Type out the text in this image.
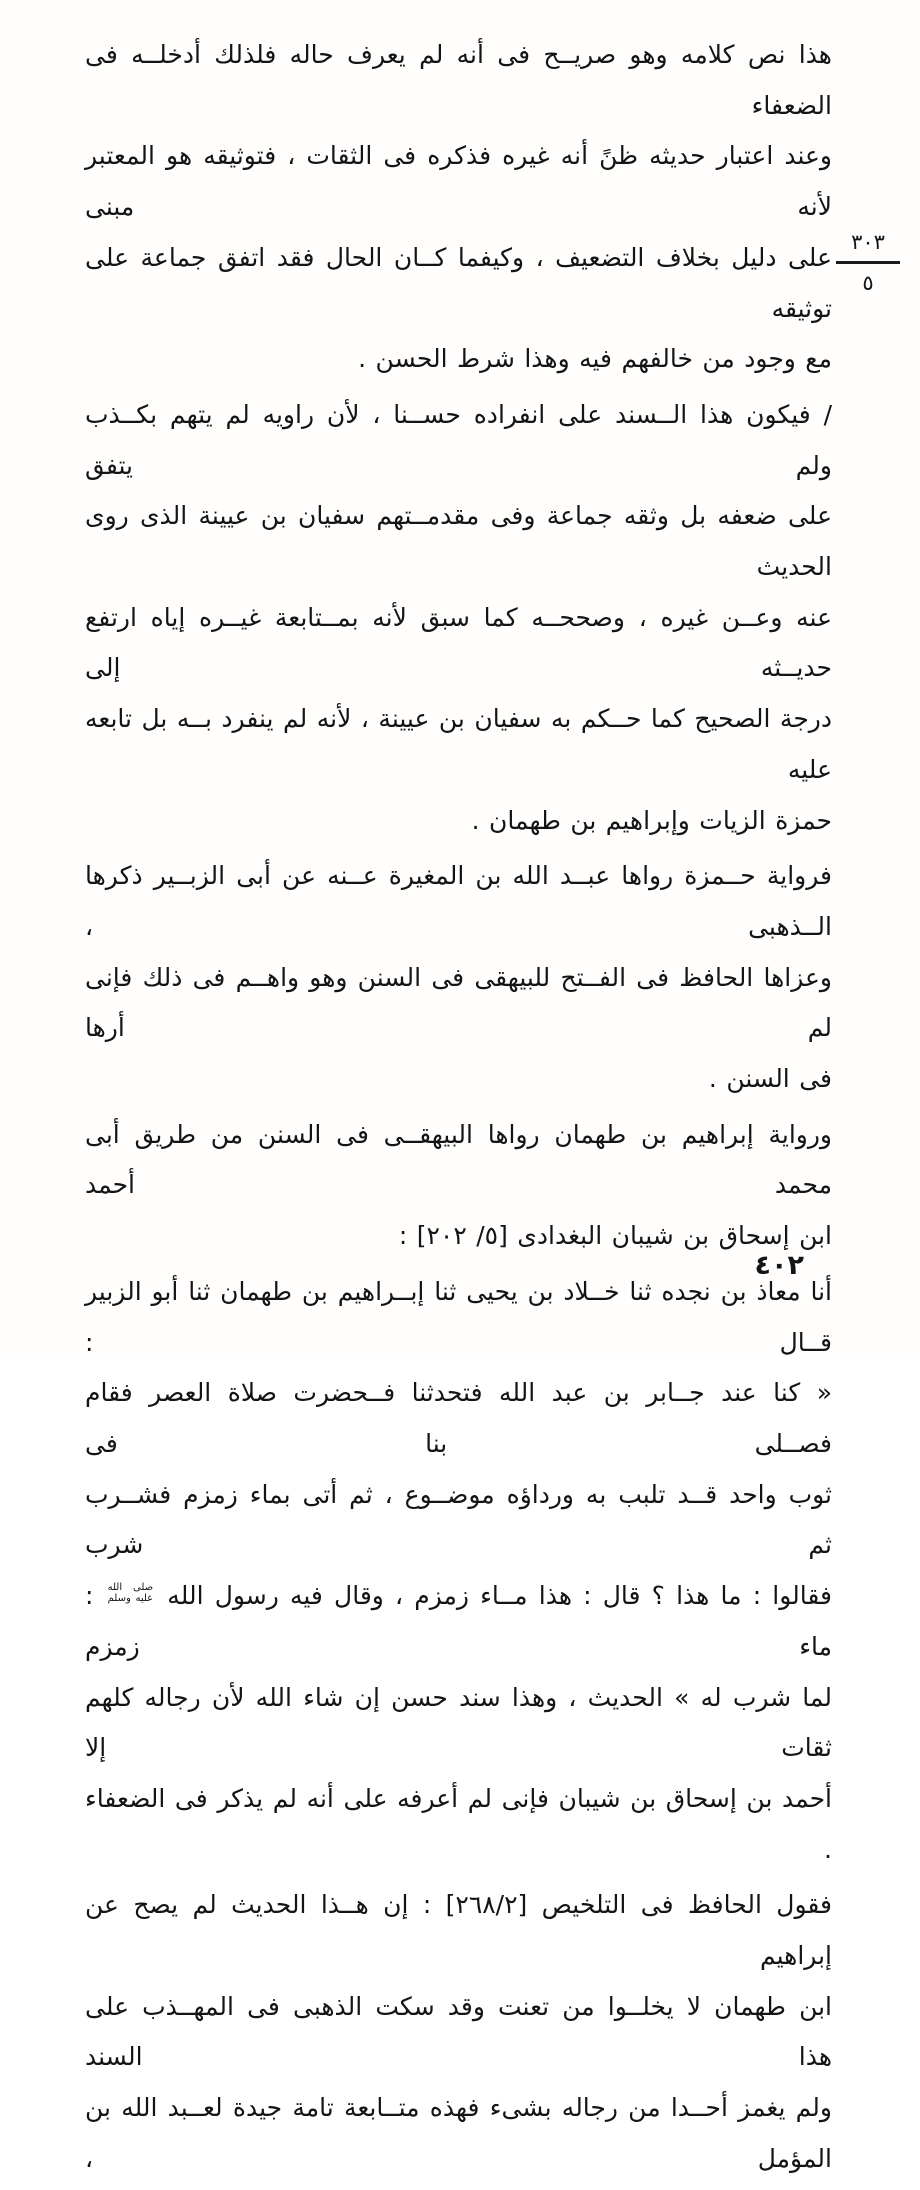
٣٠٣
٥
هذا نص كلامه وهو صريــح فى أنه لم يعرف حاله فلذلك أدخلــه فى الضعفاء
وعند اعتبار حديثه ظنً أنه غيره فذكره فى الثقات ، فتوثيقه هو المعتبر لأنه مبنى
على دليل بخلاف التضعيف ، وكيفما كــان الحال فقد اتفق جماعة على توثيقه
مع وجود من خالفهم فيه وهذا شرط الحسن .
/ فيكون هذا الــسند على انفراده حســنا ، لأن راويه لم يتهم بكــذب ولم يتفق
على ضعفه بل وثقه جماعة وفى مقدمــتهم سفيان بن عيينة الذى روى الحديث
عنه وعــن غيره ، وصححــه كما سبق لأنه بمــتابعة غيــره إياه ارتفع حديــثه إلى
درجة الصحيح كما حــكم به سفيان بن عيينة ، لأنه لم ينفرد بــه بل تابعه عليه
حمزة الزيات وإبراهيم بن طهمان .
فرواية حــمزة رواها عبــد الله بن المغيرة عــنه عن أبى الزبــير ذكرها الــذهبى ،
وعزاها الحافظ فى الفــتح للبيهقى فى السنن وهو واهــم فى ذلك فإنى لم أرها
فى السنن .
ورواية إبراهيم بن طهمان رواها البيهقــى فى السنن من طريق أبى محمد أحمد
ابن إسحاق بن شيبان البغدادى [٥/ ٢٠٢] :
أنا معاذ بن نجده ثنا خــلاد بن يحيى ثنا إبــراهيم بن طهمان ثنا أبو الزبير قــال :
« كنا عند جــابر بن عبد الله فتحدثنا فــحضرت صلاة العصر فقام فصــلى بنا فى
ثوب واحد قــد تلبب به ورداؤه موضــوع ، ثم أتى بماء زمزم فشــرب ثم شرب
فقالوا : ما هذا ؟ قال : هذا مــاء زمزم ، وقال فيه رسول الله
صلى الله
عليه وسلم
: ماء زمزم
لما شرب له » الحديث ، وهذا سند حسن إن شاء الله لأن رجاله كلهم ثقات إلا
أحمد بن إسحاق بن شيبان فإنى لم أعرفه على أنه لم يذكر فى الضعفاء .
فقول الحافظ فى التلخيص [٢٦٨/٢] : إن هــذا الحديث لم يصح عن إبراهيم
ابن طهمان لا يخلــوا من تعنت وقد سكت الذهبى فى المهــذب على هذا السند
ولم يغمز أحــدا من رجاله بشىء فهذه متــابعة تامة جيدة لعــبد الله بن المؤمل ،
٤٠٢
